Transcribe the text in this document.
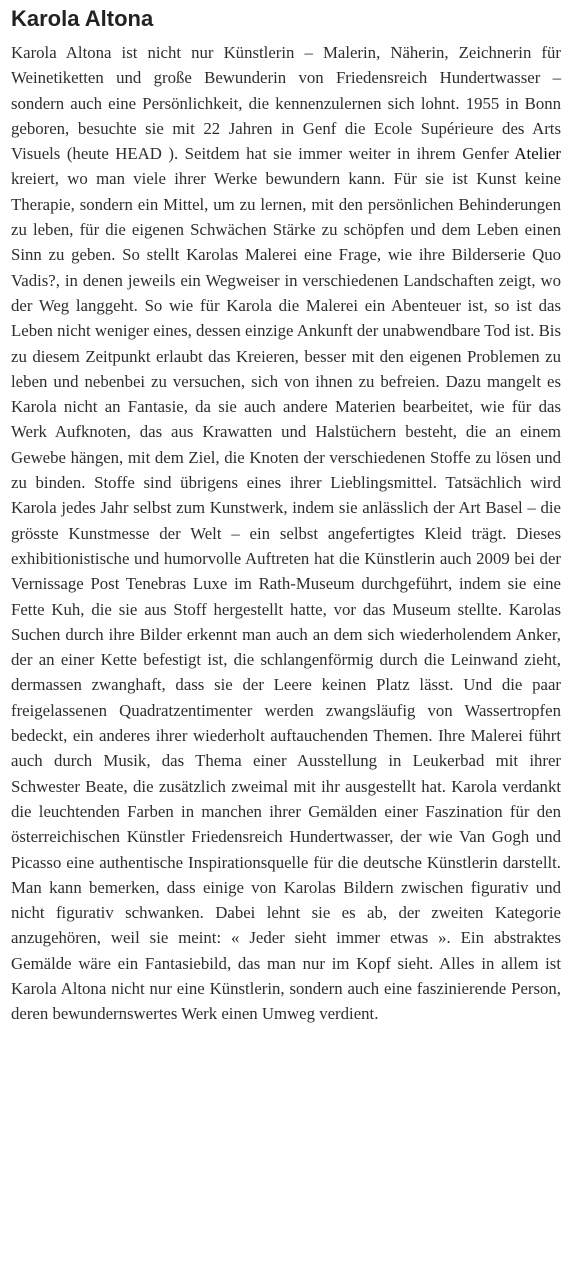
Karola Altona

Karola Altona ist nicht nur Künstlerin – Malerin, Näherin, Zeichnerin für Weinetiketten und große Bewunderin von Friedensreich Hundertwasser – sondern auch eine Persönlichkeit, die kennenzulernen sich lohnt. 1955 in Bonn geboren, besuchte sie mit 22 Jahren in Genf die Ecole Supérieure des Arts Visuels (heute HEAD ). Seitdem hat sie immer weiter in ihrem Genfer Atelier kreiert, wo man viele ihrer Werke bewundern kann. Für sie ist Kunst keine Therapie, sondern ein Mittel, um zu lernen, mit den persönlichen Behinderungen zu leben, für die eigenen Schwächen Stärke zu schöpfen und dem Leben einen Sinn zu geben. So stellt Karolas Malerei eine Frage, wie ihre Bilderserie Quo Vadis?, in denen jeweils ein Wegweiser in verschiedenen Landschaften zeigt, wo der Weg langgeht. So wie für Karola die Malerei ein Abenteuer ist, so ist das Leben nicht weniger eines, dessen einzige Ankunft der unabwendbare Tod ist. Bis zu diesem Zeitpunkt erlaubt das Kreieren, besser mit den eigenen Problemen zu leben und nebenbei zu versuchen, sich von ihnen zu befreien. Dazu mangelt es Karola nicht an Fantasie, da sie auch andere Materien bearbeitet, wie für das Werk Aufknoten, das aus Krawatten und Halstüchern besteht, die an einem Gewebe hängen, mit dem Ziel, die Knoten der verschiedenen Stoffe zu lösen und zu binden. Stoffe sind übrigens eines ihrer Lieblingsmittel. Tatsächlich wird Karola jedes Jahr selbst zum Kunstwerk, indem sie anlässlich der Art Basel – die grösste Kunstmesse der Welt – ein selbst angefertigtes Kleid trägt. Dieses exhibitionistische und humorvolle Auftreten hat die Künstlerin auch 2009 bei der Vernissage Post Tenebras Luxe im Rath-Museum durchgeführt, indem sie eine Fette Kuh, die sie aus Stoff hergestellt hatte, vor das Museum stellte. Karolas Suchen durch ihre Bilder erkennt man auch an dem sich wiederholendem Anker, der an einer Kette befestigt ist, die schlangenförmig durch die Leinwand zieht, dermassen zwanghaft, dass sie der Leere keinen Platz lässt. Und die paar freigelassenen Quadratzentimenter werden zwangsläufig von Wassertropfen bedeckt, ein anderes ihrer wiederholt auftauchenden Themen. Ihre Malerei führt auch durch Musik, das Thema einer Ausstellung in Leukerbad mit ihrer Schwester Beate, die zusätzlich zweimal mit ihr ausgestellt hat. Karola verdankt die leuchtenden Farben in manchen ihrer Gemälden einer Faszination für den österreichischen Künstler Friedensreich Hundertwasser, der wie Van Gogh und Picasso eine authentische Inspirationsquelle für die deutsche Künstlerin darstellt. Man kann bemerken, dass einige von Karolas Bildern zwischen figurativ und nicht figurativ schwanken. Dabei lehnt sie es ab, der zweiten Kategorie anzugehören, weil sie meint: « Jeder sieht immer etwas ». Ein abstraktes Gemälde wäre ein Fantasiebild, das man nur im Kopf sieht. Alles in allem ist Karola Altona nicht nur eine Künstlerin, sondern auch eine faszinierende Person, deren bewundernswertes Werk einen Umweg verdient.
